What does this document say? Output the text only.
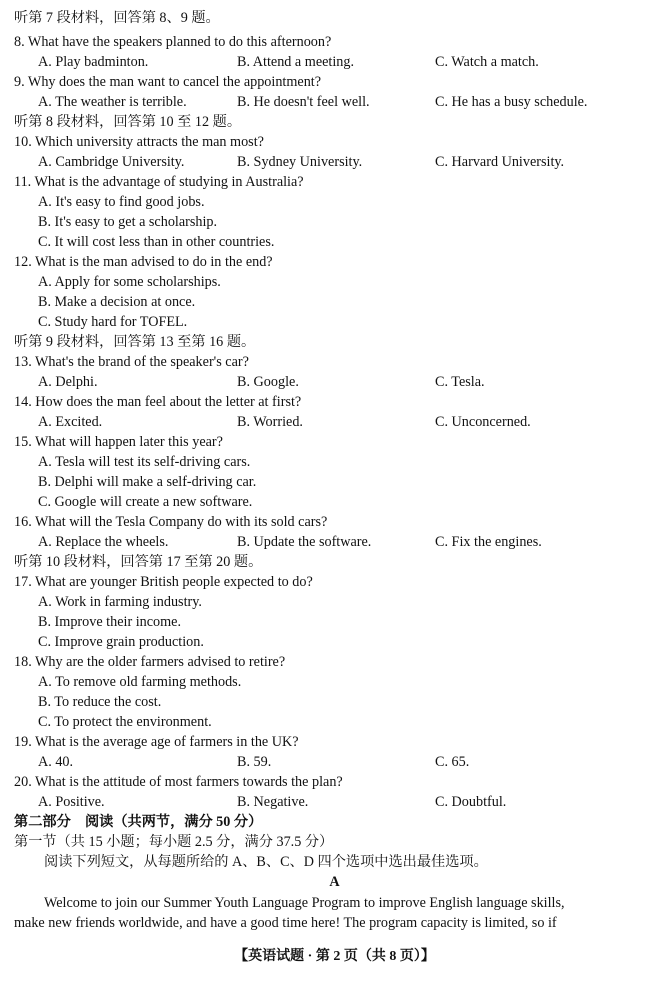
听第 7 段材料，回答第 8、9 题。
8. What have the speakers planned to do this afternoon?
A. Play badminton.	B. Attend a meeting.	C. Watch a match.
9. Why does the man want to cancel the appointment?
A. The weather is terrible.	B. He doesn't feel well.	C. He has a busy schedule.
听第 8 段材料，回答第 10 至 12 题。
10. Which university attracts the man most?
A. Cambridge University.	B. Sydney University.	C. Harvard University.
11. What is the advantage of studying in Australia?
A. It's easy to find good jobs.
B. It's easy to get a scholarship.
C. It will cost less than in other countries.
12. What is the man advised to do in the end?
A. Apply for some scholarships.
B. Make a decision at once.
C. Study hard for TOFEL.
听第 9 段材料，回答第 13 至第 16 题。
13. What's the brand of the speaker's car?
A. Delphi.	B. Google.	C. Tesla.
14. How does the man feel about the letter at first?
A. Excited.	B. Worried.	C. Unconcerned.
15. What will happen later this year?
A. Tesla will test its self-driving cars.
B. Delphi will make a self-driving car.
C. Google will create a new software.
16. What will the Tesla Company do with its sold cars?
A. Replace the wheels.	B. Update the software.	C. Fix the engines.
听第 10 段材料，回答第 17 至第 20 题。
17. What are younger British people expected to do?
A. Work in farming industry.
B. Improve their income.
C. Improve grain production.
18. Why are the older farmers advised to retire?
A. To remove old farming methods.
B. To reduce the cost.
C. To protect the environment.
19. What is the average age of farmers in the UK?
A. 40.	B. 59.	C. 65.
20. What is the attitude of most farmers towards the plan?
A. Positive.	B. Negative.	C. Doubtful.
第二部分　阅读（共两节，满分 50 分）
第一节（共 15 小题；每小题 2.5 分，满分 37.5 分）
阅读下列短文，从每题所给的 A、B、C、D 四个选项中选出最佳选项。
A
Welcome to join our Summer Youth Language Program to improve English language skills,
make new friends worldwide, and have a good time here! The program capacity is limited, so if
【英语试题 · 第 2 页（共 8 页）】
